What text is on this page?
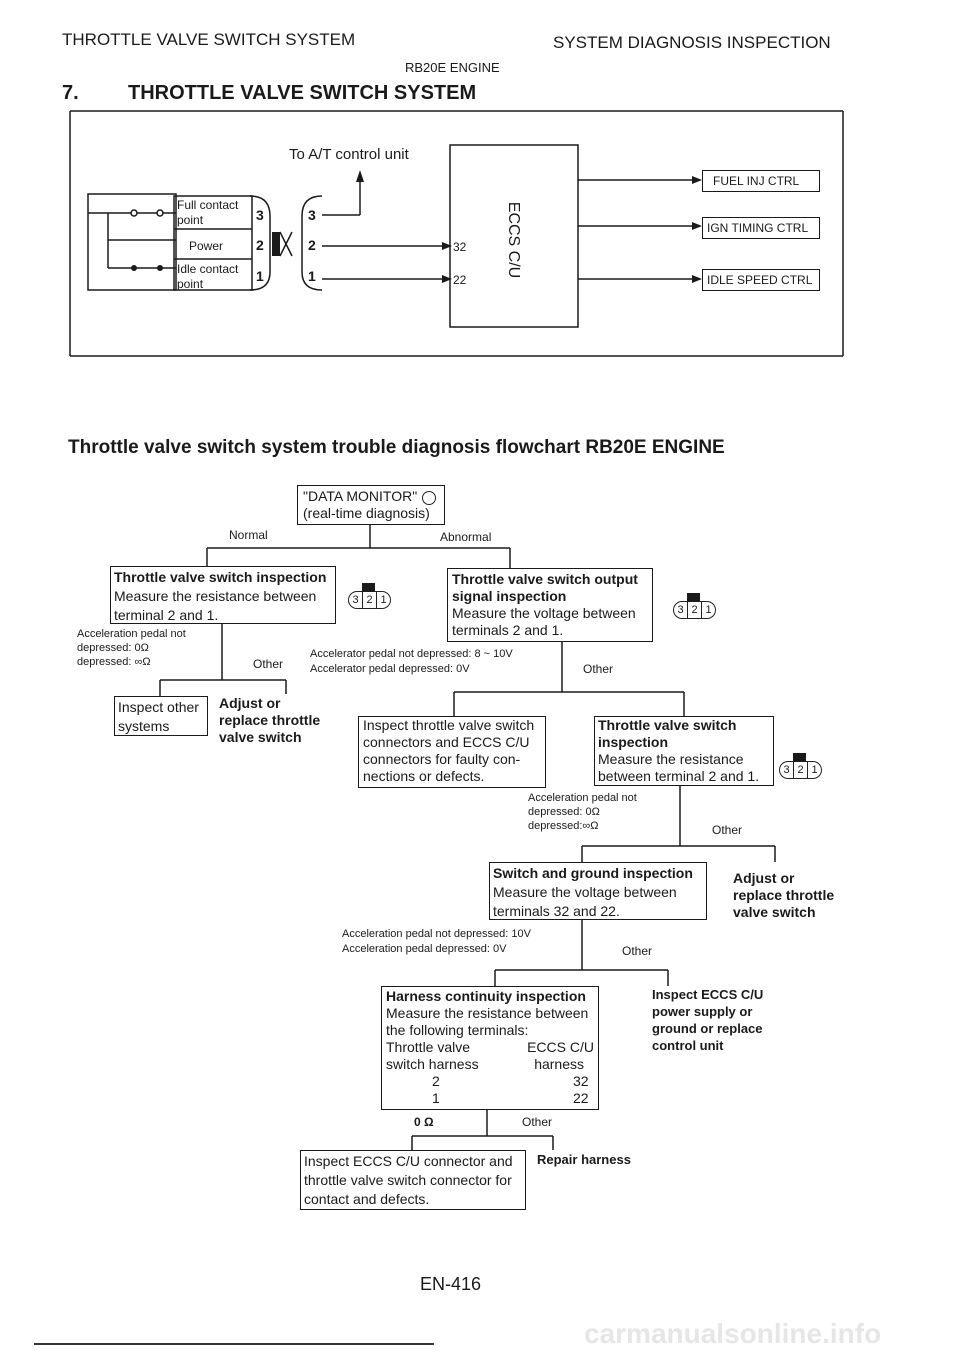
THROTTLE VALVE SWITCH SYSTEM	SYSTEM DIAGNOSIS INSPECTION
RB20E ENGINE
7. THROTTLE VALVE SWITCH SYSTEM
To A/T control unit
Full contact
point
Power
Idle contact
point
3
2
1
3
2
1
32
22
ECCS C/U
FUEL INJ CTRL
IGN TIMING CTRL
IDLE SPEED CTRL
Throttle valve switch system trouble diagnosis flowchart RB20E ENGINE
"DATA MONITOR"
(real-time diagnosis)
Normal	Abnormal
Throttle valve switch inspection
Measure the resistance between
terminal 2 and 1.
Throttle valve switch output
signal inspection
Measure the voltage between
terminals 2 and 1.
3 2 1
3 2 1
3 2 1
Acceleration pedal not
depressed: 0Ω
depressed: ∞Ω	Other
Accelerator pedal not depressed: 8 ~ 10V
Accelerator pedal depressed: 0V	Other
Inspect other
systems
Adjust or
replace throttle
valve switch
Inspect throttle valve switch
connectors and ECCS C/U
connectors for faulty con-
nections or defects.
Throttle valve switch
inspection
Measure the resistance
between terminal 2 and 1.
Acceleration pedal not
depressed: 0Ω
depressed:∞Ω	Other
Switch and ground inspection
Measure the voltage between
terminals 32 and 22.
Adjust or
replace throttle
valve switch
Acceleration pedal not depressed: 10V
Acceleration pedal depressed: 0V	Other
Harness continuity inspection
Measure the resistance between
the following terminals:
Throttle valve	ECCS C/U
switch harness	harness
2	32
1	22
Inspect ECCS C/U
power supply or
ground or replace
control unit
0 Ω	Other
Inspect ECCS C/U connector and
throttle valve switch connector for
contact and defects.
Repair harness
EN-416
carmanualsonline.info
